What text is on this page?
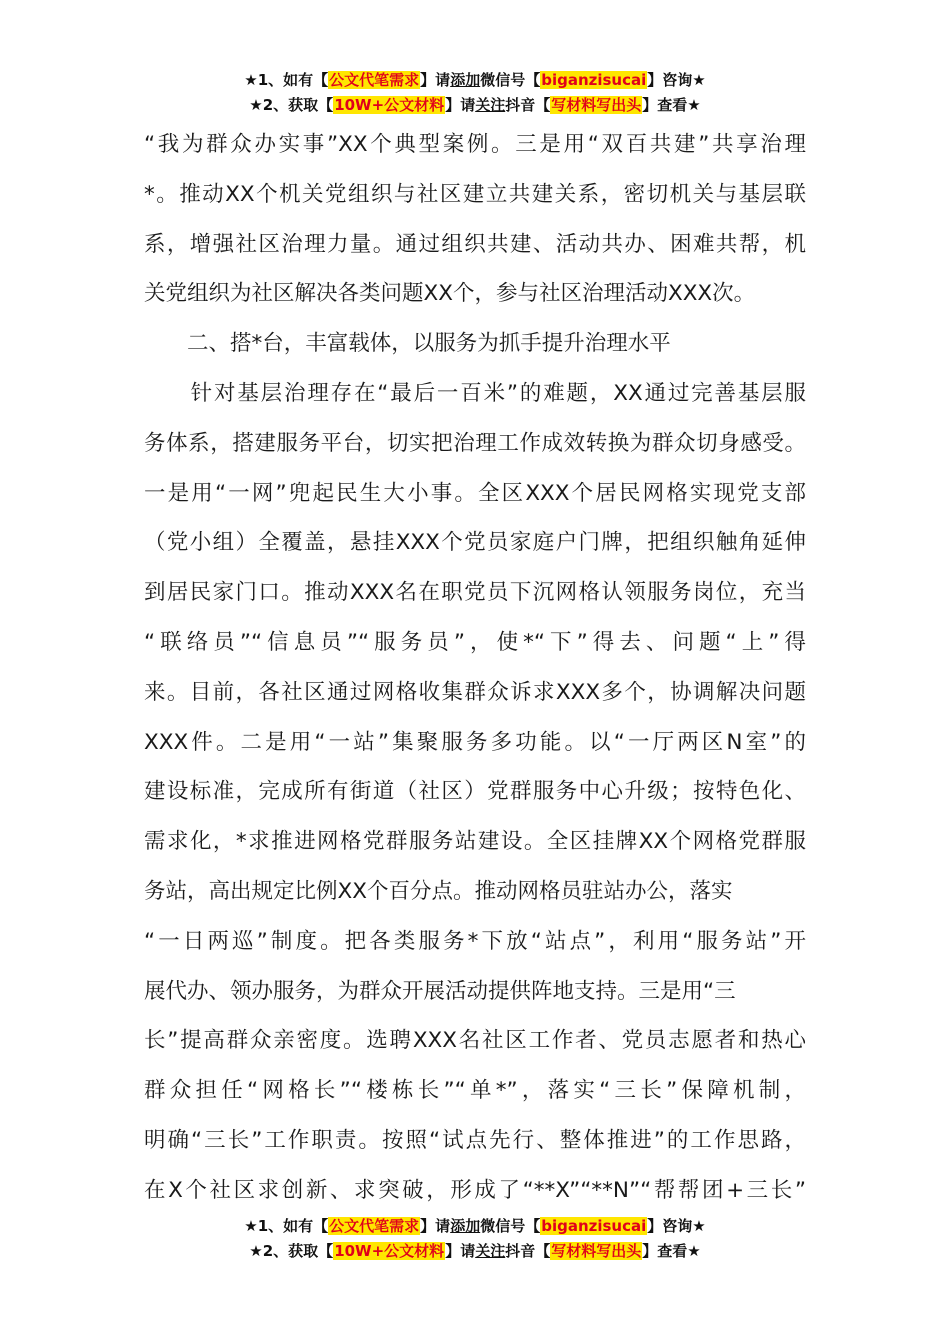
★1、如有【公文代笔需求】请添加微信号【biganzisucai】咨询★
★2、获取【10W+公文材料】请关注抖音【写材料写出头】查看★
“我为群众办实事”XX个典型案例。三是用“双百共建”共享治理
*。推动XX个机关党组织与社区建立共建关系，密切机关与基层联
系，增强社区治理力量。通过组织共建、活动共办、困难共帮，机
关党组织为社区解决各类问题XX个，参与社区治理活动XXX次。
　　二、搭*台，丰富载体，以服务为抓手提升治理水平
　　针对基层治理存在“最后一百米”的难题，XX通过完善基层服
务体系，搭建服务平台，切实把治理工作成效转换为群众切身感受。
一是用“一网”兜起民生大小事。全区XXX个居民网格实现党支部
（党小组）全覆盖，悬挂XXX个党员家庭户门牌，把组织触角延伸
到居民家门口。推动XXX名在职党员下沉网格认领服务岗位，充当
“联络员”“信息员”“服务员”，使*“下”得去、问题“上”得
来。目前，各社区通过网格收集群众诉求XXX多个，协调解决问题
XXX件。二是用“一站”集聚服务多功能。以“一厅两区N室”的
建设标准，完成所有街道（社区）党群服务中心升级；按特色化、
需求化，*求推进网格党群服务站建设。全区挂牌XX个网格党群服
务站，高出规定比例XX个百分点。推动网格员驻站办公，落实
“一日两巡”制度。把各类服务*下放“站点”，利用“服务站”开
展代办、领办服务，为群众开展活动提供阵地支持。三是用“三
长”提高群众亲密度。选聘XXX名社区工作者、党员志愿者和热心
群众担任“网格长”“楼栋长”“单*”，落实“三长”保障机制，
明确“三长”工作职责。按照“试点先行、整体推进”的工作思路，
在X个社区求创新、求突破，形成了“**X”“**N”“帮帮团+三长”
★1、如有【公文代笔需求】请添加微信号【biganzisucai】咨询★
★2、获取【10W+公文材料】请关注抖音【写材料写出头】查看★
